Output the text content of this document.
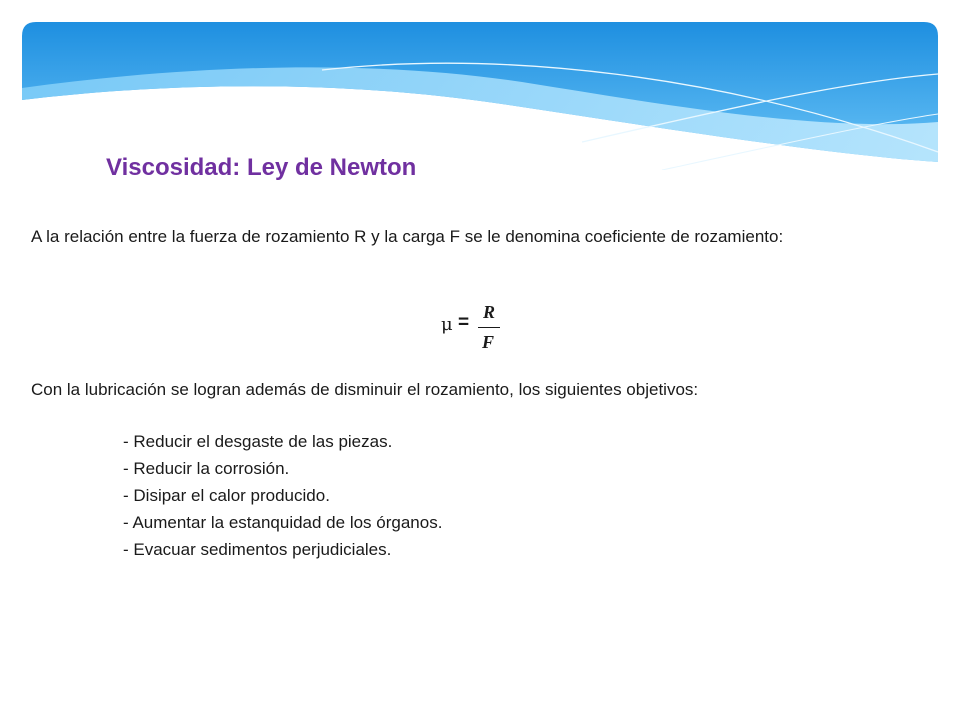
Viscosidad: Ley de Newton

A la relación entre la fuerza de rozamiento R y la carga F se le denomina coeficiente de rozamiento:

μ = R
F

Con la lubricación se logran además de disminuir el rozamiento, los siguientes objetivos:

- Reducir el desgaste de las piezas.
- Reducir la corrosión.
- Disipar el calor producido.
- Aumentar la estanquidad de los órganos.
- Evacuar sedimentos perjudiciales.
